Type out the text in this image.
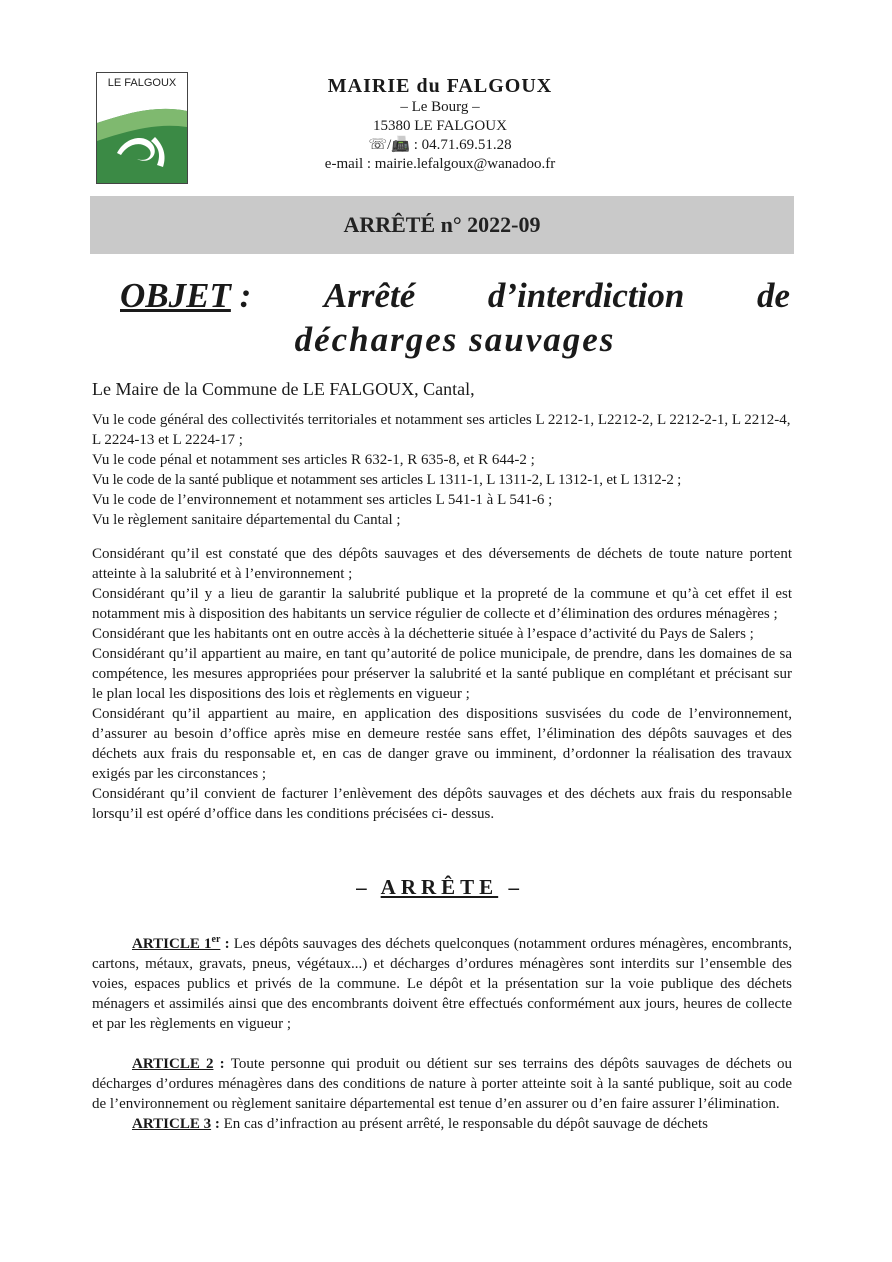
LE FALGOUX	MAIRIE du FALGOUX
– Le Bourg –
15380 LE FALGOUX
☏/📠 : 04.71.69.51.28
e-mail : mairie.lefalgoux@wanadoo.fr
ARRÊTÉ n° 2022-09
OBJET : Arrêté d’interdiction de
décharges sauvages
Le Maire de la Commune de LE FALGOUX, Cantal,

Vu le code général des collectivités territoriales et notamment ses articles L 2212-1, L2212-2, L 2212-2-1, L 2212-4, L 2224-13 et L 2224-17 ;

Vu le code pénal et notamment ses articles R 632-1, R 635-8, et R 644-2 ;

Vu le code de la santé publique et notamment ses articles L 1311-1, L 1311-2, L 1312-1, et L 1312-2 ;

Vu le code de l’environnement et notamment ses articles L 541-1 à L 541-6 ;

Vu le règlement sanitaire départemental du Cantal ;

Considérant qu’il est constaté que des dépôts sauvages et des déversements de déchets de toute nature portent atteinte à la salubrité et à l’environnement ;

Considérant qu’il y a lieu de garantir la salubrité publique et la propreté de la commune et qu’à cet effet il est notamment mis à disposition des habitants un service régulier de collecte et d’élimination des ordures ménagères ;

Considérant que les habitants ont en outre accès à la déchetterie située à l’espace d’activité du Pays de Salers ;

Considérant qu’il appartient au maire, en tant qu’autorité de police municipale, de prendre, dans les domaines de sa compétence, les mesures appropriées pour préserver la salubrité et la santé publique en complétant et précisant sur le plan local les dispositions des lois et règlements en vigueur ;

Considérant qu’il appartient au maire, en application des dispositions susvisées du code de l’environnement, d’assurer au besoin d’office après mise en demeure restée sans effet, l’élimination des dépôts sauvages et des déchets aux frais du responsable et, en cas de danger grave ou imminent, d’ordonner la réalisation des travaux exigés par les circonstances ;

Considérant qu’il convient de facturer l’enlèvement des dépôts sauvages et des déchets aux frais du responsable lorsqu’il est opéré d’office dans les conditions précisées ci- dessus.

– ARRÊTE –

ARTICLE 1er : Les dépôts sauvages des déchets quelconques (notamment ordures ménagères, encombrants, cartons, métaux, gravats, pneus, végétaux...) et décharges d’ordures ménagères sont interdits sur l’ensemble des voies, espaces publics et privés de la commune. Le dépôt et la présentation sur la voie publique des déchets ménagers et assimilés ainsi que des encombrants doivent être effectués conformément aux jours, heures de collecte et par les règlements en vigueur ;

ARTICLE 2 : Toute personne qui produit ou détient sur ses terrains des dépôts sauvages de déchets ou décharges d’ordures ménagères dans des conditions de nature à porter atteinte soit à la santé publique, soit au code de l’environnement ou règlement sanitaire départemental est tenue d’en assurer ou d’en faire assurer l’élimination.

ARTICLE 3 : En cas d’infraction au présent arrêté, le responsable du dépôt sauvage de déchets
